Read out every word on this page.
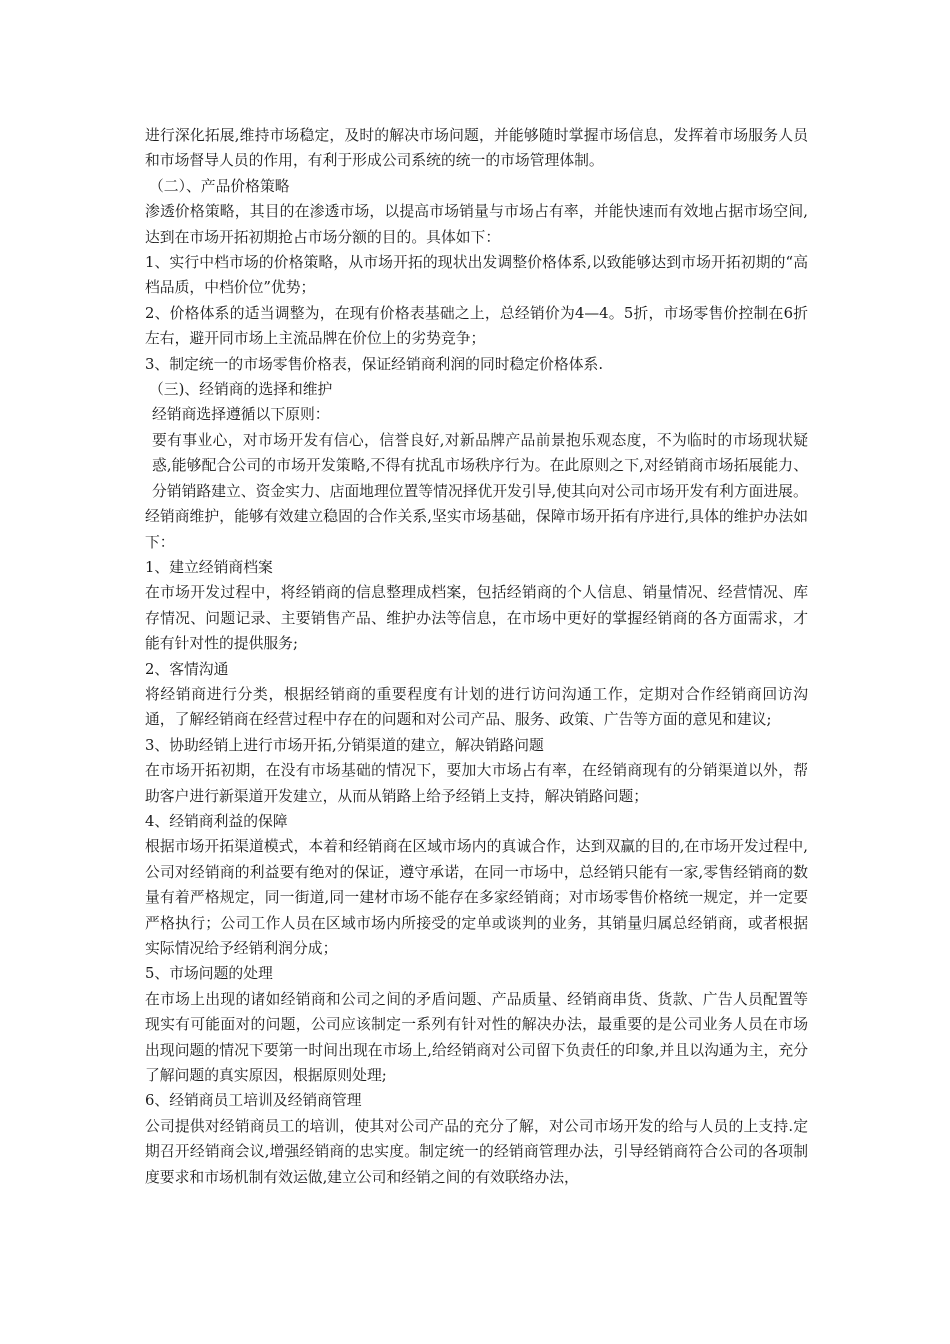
进行深化拓展,维持市场稳定，及时的解决市场问题，并能够随时掌握市场信息，发挥着市场服务人员和市场督导人员的作用，有利于形成公司系统的统一的市场管理体制。

（二）、产品价格策略

渗透价格策略，其目的在渗透市场，以提高市场销量与市场占有率，并能快速而有效地占据市场空间,达到在市场开拓初期抢占市场分额的目的。具体如下：

1、实行中档市场的价格策略，从市场开拓的现状出发调整价格体系,以致能够达到市场开拓初期的“高档品质，中档价位”优势；

2、价格体系的适当调整为，在现有价格表基础之上，总经销价为4—4。5折，市场零售价控制在6折左右，避开同市场上主流品牌在价位上的劣势竞争；

3、制定统一的市场零售价格表，保证经销商利润的同时稳定价格体系.

（三)、经销商的选择和维护

经销商选择遵循以下原则：

要有事业心，对市场开发有信心，信誉良好,对新品牌产品前景抱乐观态度，不为临时的市场现状疑惑,能够配合公司的市场开发策略,不得有扰乱市场秩序行为。在此原则之下,对经销商市场拓展能力、分销销路建立、资金实力、店面地理位置等情况择优开发引导,使其向对公司市场开发有利方面进展。

经销商维护，能够有效建立稳固的合作关系,坚实市场基础，保障市场开拓有序进行,具体的维护办法如下：

1、建立经销商档案

在市场开发过程中，将经销商的信息整理成档案，包括经销商的个人信息、销量情况、经营情况、库存情况、问题记录、主要销售产品、维护办法等信息，在市场中更好的掌握经销商的各方面需求，才能有针对性的提供服务;

2、客情沟通

将经销商进行分类，根据经销商的重要程度有计划的进行访问沟通工作，定期对合作经销商回访沟通，了解经销商在经营过程中存在的问题和对公司产品、服务、政策、广告等方面的意见和建议;

3、协助经销上进行市场开拓,分销渠道的建立，解决销路问题

在市场开拓初期，在没有市场基础的情况下，要加大市场占有率，在经销商现有的分销渠道以外，帮助客户进行新渠道开发建立，从而从销路上给予经销上支持，解决销路问题；

4、经销商利益的保障

根据市场开拓渠道模式，本着和经销商在区域市场内的真诚合作，达到双赢的目的,在市场开发过程中,公司对经销商的利益要有绝对的保证，遵守承诺，在同一市场中，总经销只能有一家,零售经销商的数量有着严格规定，同一街道,同一建材市场不能存在多家经销商；对市场零售价格统一规定，并一定要严格执行；公司工作人员在区域市场内所接受的定单或谈判的业务，其销量归属总经销商，或者根据实际情况给予经销利润分成；

5、市场问题的处理

在市场上出现的诸如经销商和公司之间的矛盾问题、产品质量、经销商串货、货款、广告人员配置等现实有可能面对的问题，公司应该制定一系列有针对性的解决办法，最重要的是公司业务人员在市场出现问题的情况下要第一时间出现在市场上,给经销商对公司留下负责任的印象,并且以沟通为主，充分了解问题的真实原因，根据原则处理;

6、经销商员工培训及经销商管理

公司提供对经销商员工的培训，使其对公司产品的充分了解，对公司市场开发的给与人员的上支持.定期召开经销商会议,增强经销商的忠实度。制定统一的经销商管理办法，引导经销商符合公司的各项制度要求和市场机制有效运做,建立公司和经销之间的有效联络办法，
